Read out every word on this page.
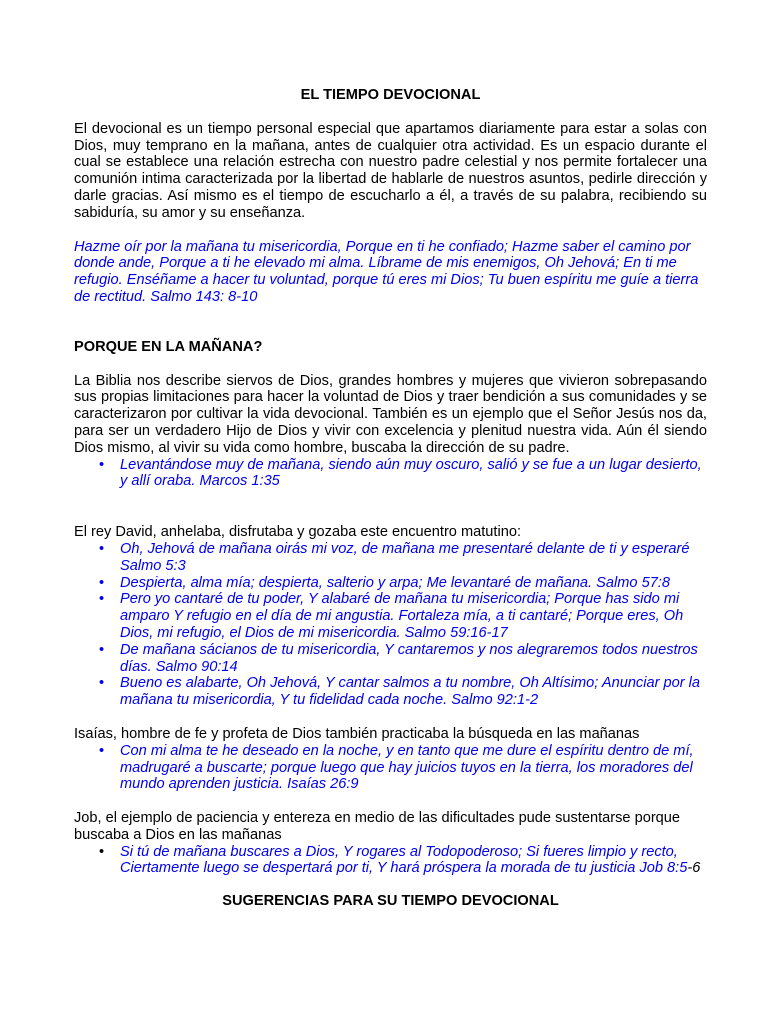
EL TIEMPO DEVOCIONAL

El devocional es un tiempo personal especial que apartamos diariamente para estar a solas con Dios, muy temprano en la mañana, antes de cualquier otra actividad. Es un espacio durante el cual se establece una relación estrecha con nuestro padre celestial y nos permite fortalecer una comunión intima caracterizada por la libertad de hablarle de nuestros asuntos, pedirle dirección y darle gracias. Así mismo es el tiempo de escucharlo a él, a través de su palabra, recibiendo su sabiduría, su amor y su enseñanza.

Hazme oír por la mañana tu misericordia, Porque en ti he confiado; Hazme saber el camino por donde ande, Porque a ti he elevado mi alma. Líbrame de mis enemigos, Oh Jehová; En ti me refugio. Enséñame a hacer tu voluntad, porque tú eres mi Dios; Tu buen espíritu me guíe a tierra de rectitud. Salmo 143: 8-10

PORQUE EN LA MAÑANA?

La Biblia nos describe siervos de Dios, grandes hombres y mujeres que vivieron sobrepasando sus propias limitaciones para hacer la voluntad de Dios y traer bendición a sus comunidades y se caracterizaron por cultivar la vida devocional. También es un ejemplo que el Señor Jesús nos da, para ser un verdadero Hijo de Dios y vivir con excelencia y plenitud nuestra vida. Aún él siendo Dios mismo, al vivir su vida como hombre, buscaba la dirección de su padre.

• Levantándose muy de mañana, siendo aún muy oscuro, salió y se fue a un lugar desierto, y allí oraba. Marcos 1:35

El rey David, anhelaba, disfrutaba y gozaba este encuentro matutino:

• Oh, Jehová de mañana oirás mi voz, de mañana me presentaré delante de ti y esperaré Salmo 5:3
• Despierta, alma mía; despierta, salterio y arpa; Me levantaré de mañana. Salmo 57:8
• Pero yo cantaré de tu poder, Y alabaré de mañana tu misericordia; Porque has sido mi amparo Y refugio en el día de mi angustia. Fortaleza mía, a ti cantaré; Porque eres, Oh Dios, mi refugio, el Dios de mi misericordia. Salmo 59:16-17
• De mañana sácianos de tu misericordia, Y cantaremos y nos alegraremos todos nuestros días. Salmo 90:14
• Bueno es alabarte, Oh Jehová, Y cantar salmos a tu nombre, Oh Altísimo; Anunciar por la mañana tu misericordia, Y tu fidelidad cada noche. Salmo 92:1-2

Isaías, hombre de fe y profeta de Dios también practicaba la búsqueda en las mañanas

• Con mi alma te he deseado en la noche, y en tanto que me dure el espíritu dentro de mí, madrugaré a buscarte; porque luego que hay juicios tuyos en la tierra, los moradores del mundo aprenden justicia. Isaías 26:9

Job, el ejemplo de paciencia y entereza en medio de las dificultades pude sustentarse porque buscaba a Dios en las mañanas

• Si tú de mañana buscares a Dios, Y rogares al Todopoderoso; Si fueres limpio y recto, Ciertamente luego se despertará por ti, Y hará próspera la morada de tu justicia Job 8:5-6

SUGERENCIAS PARA SU TIEMPO DEVOCIONAL
